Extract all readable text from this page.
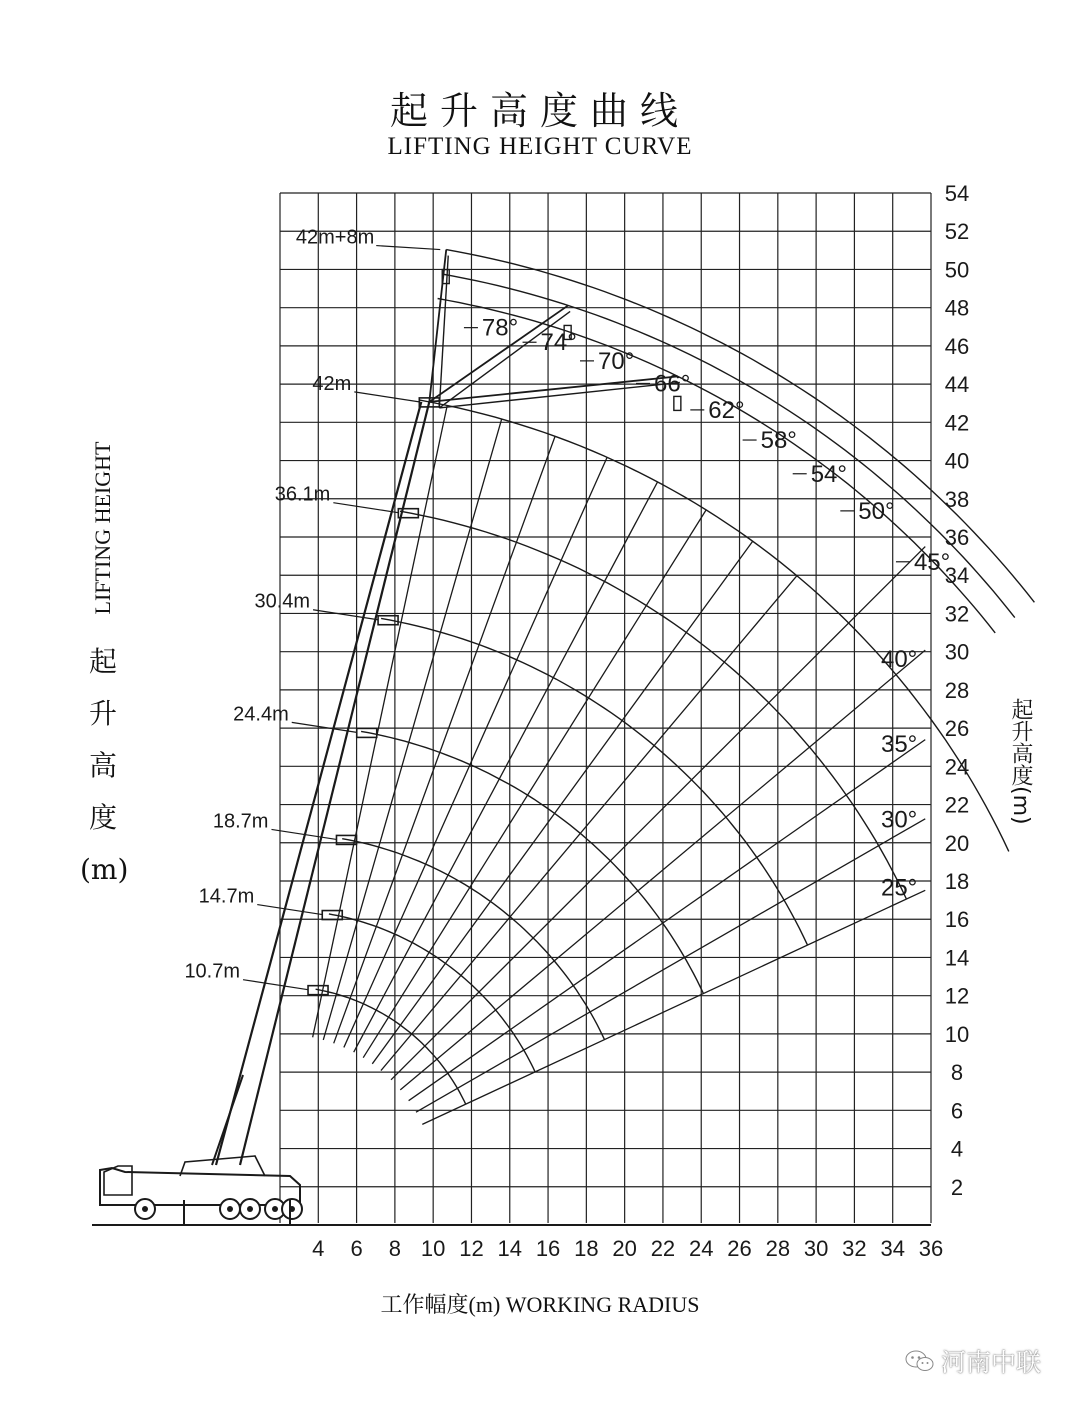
起升高度曲线
LIFTING HEIGHT CURVE
LIFTING HEIGHT
起升高度(m)
起升高度(m)
工作幅度(m) WORKING RADIUS
4 6 8 10 12 14 16 18 20 22 24 26 28 30 32 34 36
2
4
6
8
10
12
14
16
18
20
22
24
26
28
30
32
34
36
38
40
42
44
46
48
50
52
54
78°
74°
70°
66°
62°
58°
54°
50°
45°
40°
35°
30°
25°
10.7m
14.7m
18.7m
24.4m
30.4m
36.1m
42m
42m+8m
河南中联
